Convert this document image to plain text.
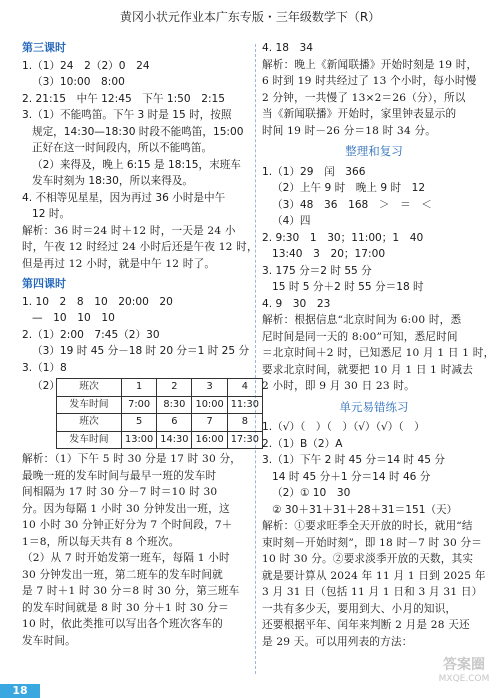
黄冈小状元作业本广东专版・三年级数学下（R）
第三课时
1.（1）24　2（2）0　24
（3）10:00　8:00
2. 21:15　中午 12:45　下午 1:50　2:15
3.（1）不能鸣笛。下午 3 时是 15 时，按照
规定，14:30—18:30 时段不能鸣笛，15:00
正好在这一时间段内，所以不能鸣笛。
（2）来得及，晚上 6:15 是 18:15，末班车
发车时刻为 18:30，所以来得及。
4. 不相等见星星，因为再过 36 小时是中午
12 时。
解析：36 时＝24 时＋12 时，一天是 24 小
时，午夜 12 时经过 24 小时后还是午夜 12 时，
但是再过 12 小时，就是中午 12 时了。
第四课时
1. 10　2　8　10　20:00　20
—　10　10　10
2.（1）2:00　7:45（2）30
（3）19 时 45 分－18 时 20 分＝1 时 25 分
3.（1）8
（2） 班次	1	2	3	4
发车时间	7:00	8:30	10:00	11:30
班次	5	6	7	8
发车时间	13:00	14:30	16:00	17:30
解析：（1）下午 5 时 30 分是 17 时 30 分，
最晚一班的发车时间与最早一班的发车时
间相隔为 17 时 30 分－7 时＝10 时 30
分。因为每隔 1 小时 30 分钟发出一班，这
10 小时 30 分钟正好分为 7 个时间段，7＋
1＝8，所以每天共有 8 个班次。
（2）从 7 时开始发第一班车，每隔 1 小时
30 分钟发出一班，第二班车的发车时间就
是 7 时＋1 时 30 分＝8 时 30 分，第三班车
的发车时间就是 8 时 30 分＋1 时 30 分＝
10 时，依此类推可以写出各个班次客车的
发车时间。
4. 18　34
解析：晚上《新闻联播》开始时刻是 19 时，
6 时到 19 时共经过了 13 个小时，每小时慢
2 分钟，一共慢了 13×2＝26（分），所以
当《新闻联播》开始时，家里钟表显示的
时间 19 时－26 分＝18 时 34 分。
整理和复习
1.（1）29　闰　366
（2）上午 9 时　晚上 9 时　12
（3）48　36　168　＞　＝　＜
（4）四
2. 9:30　1　30；11:00；1　40
13:40　3　20；17:00
3. 175 分＝2 时 55 分
15 时 5 分＋2 时 55 分＝18 时
4. 9　30　23
解析：根据信息“北京时间为 6:00 时，悉
尼时间是同一天的 8:00”可知，悉尼时间
＝北京时间＋2 时，已知悉尼 10 月 1 日 1 时，
要求北京时间，就要把 10 月 1 日 1 时减去
2 小时，即 9 月 30 日 23 时。
单元易错练习
1.（√）（　）（　）（√）（√）（　）
2.（1）B（2）A
3.（1）下午 2 时 45 分＝14 时 45 分
14 时 45 分＋1 分＝14 时 46 分
（2）① 10　30
② 30＋31＋31＋28＋31＝151（天）
解析：①要求旺季全天开放的时长，就用“结
束时刻－开始时刻”，即 18 时－7 时 30 分＝
10 时 30 分。②要求淡季开放的天数，其实
就是要计算从 2024 年 11 月 1 日到 2025 年
3 月 31 日（包括 11 月 1 日和 3 月 31 日）
一共有多少天，要用到大、小月的知识，
还要根据平年、闰年来判断 2 月是 28 天还
是 29 天。可以用列表的方法：
18
答案圈
MXQE.COM
